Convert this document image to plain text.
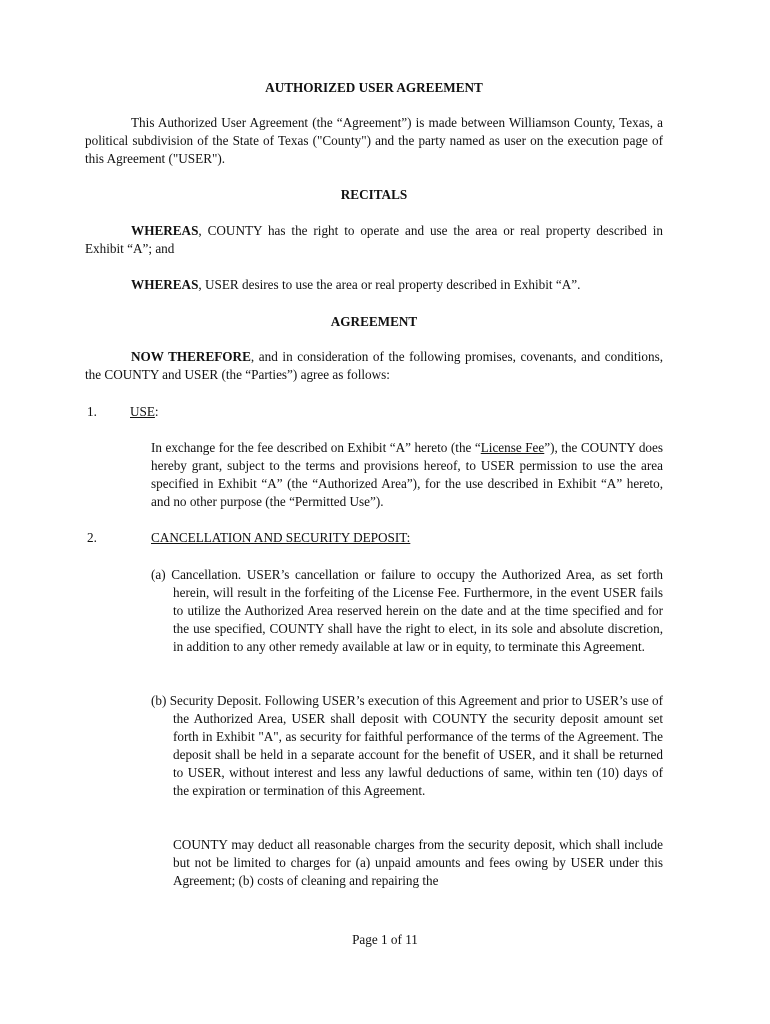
AUTHORIZED USER AGREEMENT
This Authorized User Agreement (the “Agreement”) is made between Williamson County, Texas, a political subdivision of the State of Texas ("County") and the party named as user on the execution page of this Agreement ("USER").
RECITALS
WHEREAS, COUNTY has the right to operate and use the area or real property described in Exhibit “A”; and
WHEREAS, USER desires to use the area or real property described in Exhibit “A”.
AGREEMENT
NOW THEREFORE, and in consideration of the following promises, covenants, and conditions, the COUNTY and USER (the “Parties”) agree as follows:
1.	USE:
In exchange for the fee described on Exhibit “A” hereto (the “License Fee”), the COUNTY does hereby grant, subject to the terms and provisions hereof, to USER permission to use the area specified in Exhibit “A” (the “Authorized Area”), for the use described in Exhibit “A” hereto, and no other purpose (the “Permitted Use”).
2.	CANCELLATION AND SECURITY DEPOSIT:
(a) Cancellation. USER’s cancellation or failure to occupy the Authorized Area, as set forth herein, will result in the forfeiting of the License Fee. Furthermore, in the event USER fails to utilize the Authorized Area reserved herein on the date and at the time specified and for the use specified, COUNTY shall have the right to elect, in its sole and absolute discretion, in addition to any other remedy available at law or in equity, to terminate this Agreement.
(b) Security Deposit. Following USER’s execution of this Agreement and prior to USER’s use of the Authorized Area, USER shall deposit with COUNTY the security deposit amount set forth in Exhibit "A", as security for faithful performance of the terms of the Agreement. The deposit shall be held in a separate account for the benefit of USER, and it shall be returned to USER, without interest and less any lawful deductions of same, within ten (10) days of the expiration or termination of this Agreement.
COUNTY may deduct all reasonable charges from the security deposit, which shall include but not be limited to charges for (a) unpaid amounts and fees owing by USER under this Agreement; (b) costs of cleaning and repairing the
Page 1 of 11
